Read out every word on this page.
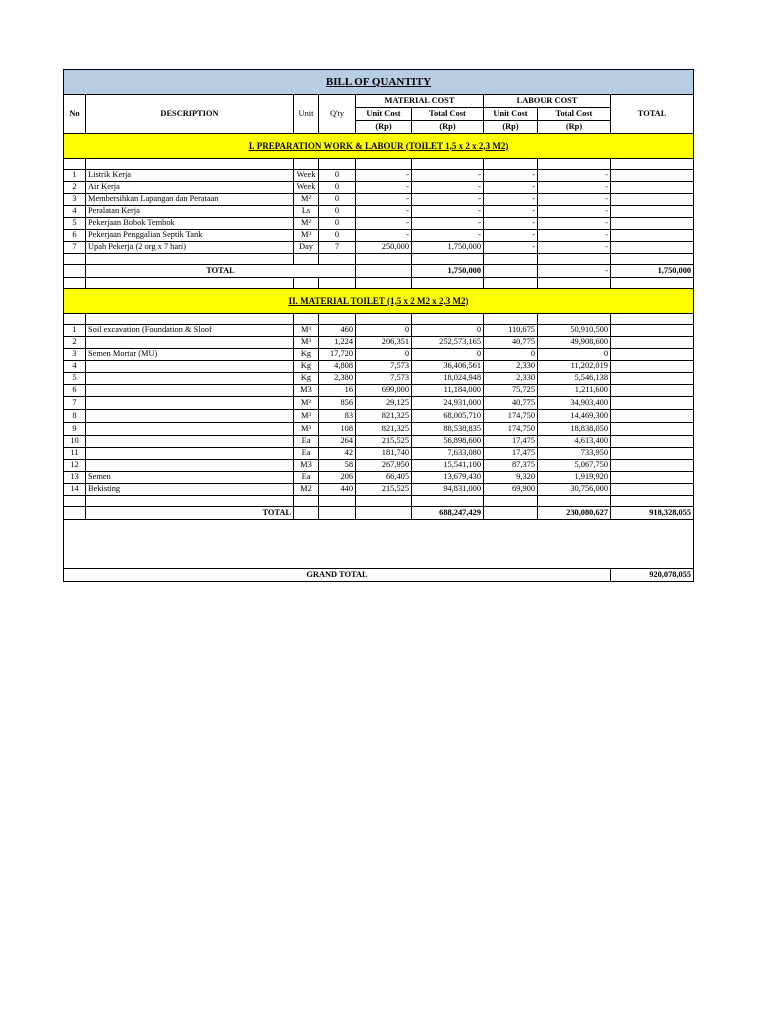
BILL OF QUANTITY								
No	DESCRIPTION	Unit	Q'ty	MATERIAL COST		LABOUR COST		TOTAL
				Unit Cost	Total Cost	Unit Cost	Total Cost	
				(Rp)	(Rp)	(Rp)	(Rp)	
I. PREPARATION WORK & LABOUR (TOILET 1,5 x 2 x 2,3 M2)								

1	Listrik Kerja	Week	0	-	-	-	-	
2	Air Kerja	Week	0	-	-	-	-	
3	Membersihkan Lapangan dan Perataan	M²	0	-	-	-	-	
4	Peralatan Kerja	Ls	0	-	-	-	-	
5	Pekerjaan Bobok Tembok	M²	0	-	-	-	-	
6	Pekerjaan Penggalian Septik Tank	M³	0	-	-	-	-	
7	Upah Pekerja (2 org x 7 hari)	Day	7	250,000	1,750,000	-	-	

	TOTAL				1,750,000		-	1,750,000

II. MATERIAL TOILET (1,5 x 2 M2 x 2,3 M2)								

1	Soil excavation (Foundation & Sloof	M³	460	0	0	110,675	50,910,500	
2		M³	1,224	206,351	252,573,165	40,775	49,908,600	
3	Semen Mortar (MU)	Kg	17,720	0	0	0	0	
4		Kg	4,808	7,573	36,406,561	2,330	11,202,019	
5		Kg	2,380	7,573	18,024,948	2,330	5,546,138	
6		M3	16	699,000	11,184,000	75,725	1,211,600	
7		M²	856	29,125	24,931,000	40,775	34,903,400	
8		M³	83	821,325	68,005,710	174,750	14,469,300	
9		M³	108	821,325	88,538,835	174,750	18,838,050	
10		Ea	264	215,525	56,898,600	17,475	4,613,400	
11		Ea	42	181,740	7,633,080	17,475	733,950	
12		M3	58	267,950	15,541,100	87,375	5,067,750	
13	Semen	Ea	206	66,405	13,679,430	9,320	1,919,920	
14	Bekisting	M2	440	215,525	94,831,000	69,900	30,756,000	

	TOTAL				688,247,429		230,080,627	918,328,055

GRAND TOTAL								920,078,055
